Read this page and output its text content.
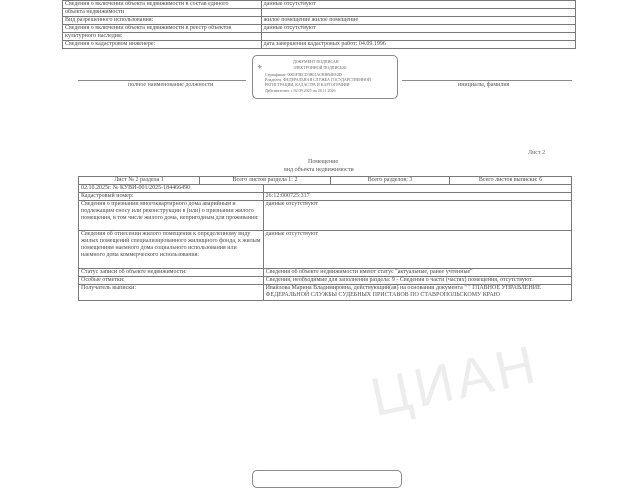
Сведения о включении объекта недвижимости в состав единого	данные отсутствуют
объекта недвижимости	
Вид разрешенного использования:	жилое помещение жилое помещение
Сведения о включении объекта недвижимости в реестр объектов	данные отсутствуют
культурного наследия:	
Сведения о кадастровом инженере:	дата завершения кадастровых работ: 04.09.1996
⚜
ДОКУМЕНТ ПОДПИСАН
ЭЛЕКТРОННОЙ ПОДПИСЬЮ
Сертификат: 0065F9ECD3B01ACBBB4EE2D
Владелец: ФЕДЕРАЛЬНАЯ СЛУЖБА ГОСУДАРСТВЕННОЙ
РЕГИСТРАЦИИ, КАДАСТРА И КАРТОГРАФИИ
Действителен: с 02.09.2025 по 26.11.2026
полное наименование должности	инициалы, фамилия
Лист 2
Помещение
вид объекта недвижимости
Лист № 2 раздела 1 Всего листов раздела 1: 2 Всего разделов: 3 Всего листов выписки: 6	

02.10.2025г. № КУВИ-001/2025-184466490	
Кадастровый номер:	26:12:000725:317
Сведения о признании многоквартирного дома аварийным и подлежащим сносу или реконструкции в (или) о признании жилого помещения, в том числе жилого дома, непригодным для проживания:	данные отсутствуют
Сведения об отнесении жилого помещения к определенному виду жилых помещений специализированного жилищного фонда, к жилым помещениям наемного дома социального использования или наемного дома коммерческого использования:	данные отсутствуют
Статус записи об объекте недвижимости:	Сведения об объекте недвижимости имеют статус "актуальные, ранее учтенные"
Особые отметки:	Сведения, необходимые для заполнения раздела: 9 - Сведения о части (частях) помещения, отсутствуют.
Получатель выписки:	Ивайлова Марина Владимировна, действующий(ая) на основании документа " " ГЛАВНОЕ УПРАВЛЕНИЕ ФЕДЕРАЛЬНОЙ СЛУЖБЫ СУДЕБНЫХ ПРИСТАВОВ ПО СТАВРОПОЛЬСКОМУ КРАЮ
ЦИАН
